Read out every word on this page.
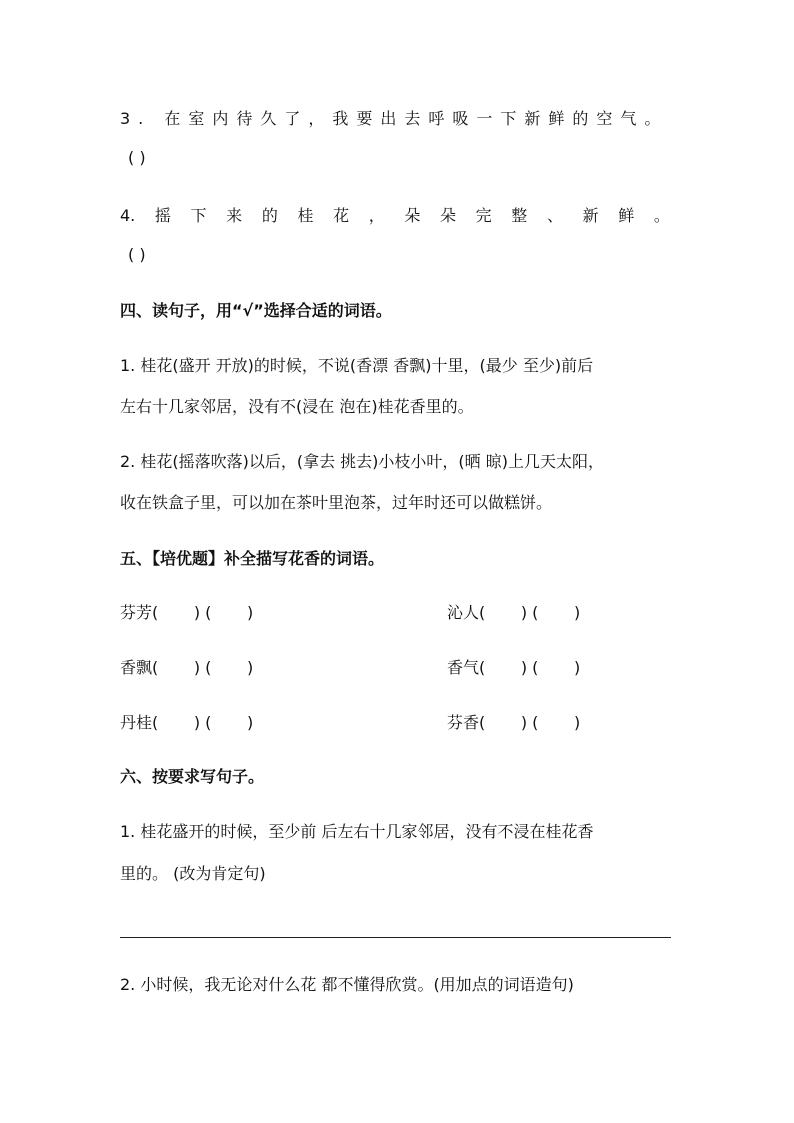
3. 在室内待久了，我要出去呼吸一下新鲜的空气。
( )
4. 摇 下 来 的 桂 花 ， 朵 朵 完 整 、 新 鲜 。
( )
四、读句子，用“√”选择合适的词语。
1. 桂花(盛开 开放)的时候，不说(香漂 香飘)十里，(最少 至少)前后
左右十几家邻居，没有不(浸在 泡在)桂花香里的。
2. 桂花(摇落吹落)以后，(拿去 挑去)小枝小叶，(晒 晾)上几天太阳，
收在铁盒子里，可以加在茶叶里泡茶，过年时还可以做糕饼。
五、【培优题】补全描写花香的词语。
芬芳(       ) (       )	沁人(       ) (       )
香飘(       ) (       )	香气(       ) (       )
丹桂(       ) (       )	芬香(       ) (       )
六、按要求写句子。
1. 桂花盛开的时候，至少前 后左右十几家邻居，没有不浸在桂花香
里的。 (改为肯定句)
2. 小时候，我无论对什么花 都不懂得欣赏。(用加点的词语造句)
